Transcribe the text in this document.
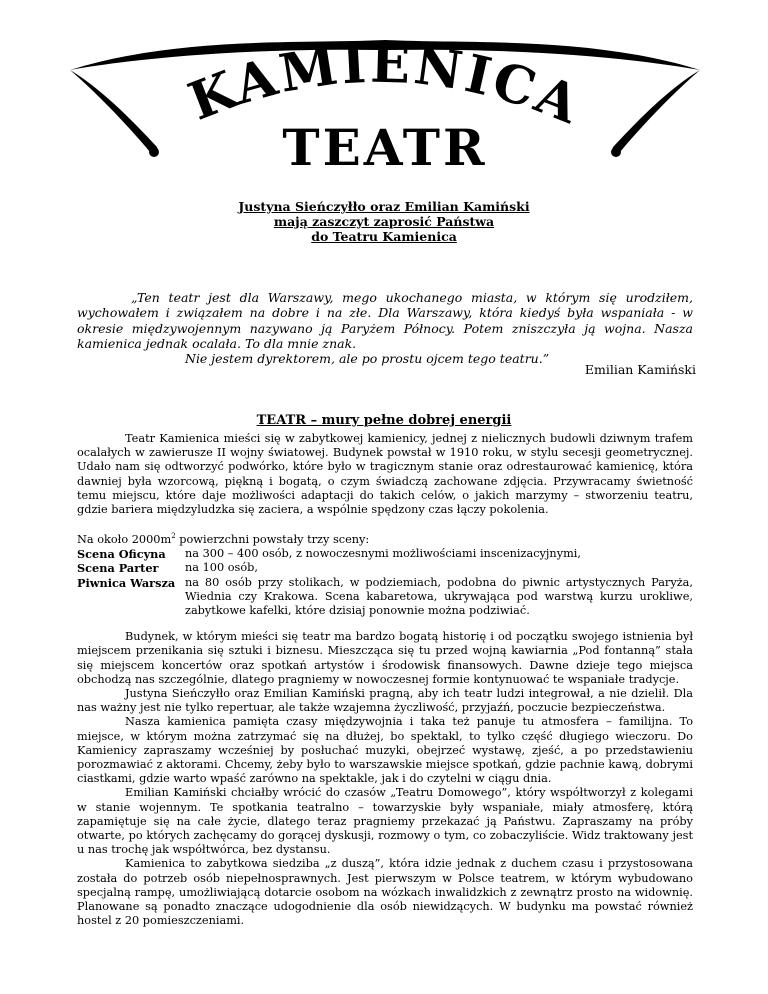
KAMIENICA
TEATR
Justyna Sieńczyłło oraz Emilian Kamiński
mają zaszczyt zaprosić Państwa
do Teatru Kamienica

„Ten teatr jest dla Warszawy, mego ukochanego miasta, w którym się urodziłem, wychowałem i związałem na dobre i na złe. Dla Warszawy, która kiedyś była wspaniała - w okresie międzywojennym nazywano ją Paryżem Północy. Potem zniszczyła ją wojna. Nasza kamienica jednak ocalała. To dla mnie znak.

Nie jestem dyrektorem, ale po prostu ojcem tego teatru.”

Emilian Kamiński
TEATR – mury pełne dobrej energii

Teatr Kamienica mieści się w zabytkowej kamienicy, jednej z nielicznych budowli dziwnym trafem ocalałych w zawierusze II wojny światowej. Budynek powstał w 1910 roku, w stylu secesji geometrycznej. Udało nam się odtworzyć podwórko, które było w tragicznym stanie oraz odrestaurować kamienicę, która dawniej była wzorcową, piękną i bogatą, o czym świadczą zachowane zdjęcia. Przywracamy świetność temu miejscu, które daje możliwości adaptacji do takich celów, o jakich marzymy – stworzeniu teatru, gdzie bariera międzyludzka się zaciera, a wspólnie spędzony czas łączy pokolenia.

Na około $2000m^2$ powierzchni powstały trzy sceny:

Scena Oficyna	na 300 – 400 osób, z nowoczesnymi możliwościami inscenizacyjnymi,
Scena Parter	na 100 osób,
Piwnica Warsza	na 80 osób przy stolikach, w podziemiach, podobna do piwnic artystycznych Paryża, Wiednia czy Krakowa. Scena kabaretowa, ukrywająca pod warstwą kurzu urokliwe, zabytkowe kafelki, które dzisiaj ponownie można podziwiać.

Budynek, w którym mieści się teatr ma bardzo bogatą historię i od początku swojego istnienia był miejscem przenikania się sztuki i biznesu. Mieszcząca się tu przed wojną kawiarnia „Pod fontanną” stała się miejscem koncertów oraz spotkań artystów i środowisk finansowych. Dawne dzieje tego miejsca obchodzą nas szczególnie, dlatego pragniemy w nowoczesnej formie kontynuować te wspaniałe tradycje.

Justyna Sieńczyłło oraz Emilian Kamiński pragną, aby ich teatr ludzi integrował, a nie dzielił. Dla nas ważny jest nie tylko repertuar, ale także wzajemna życzliwość, przyjaźń, poczucie bezpieczeństwa.

Nasza kamienica pamięta czasy międzywojnia i taka też panuje tu atmosfera – familijna. To miejsce, w którym można zatrzymać się na dłużej, bo spektakl, to tylko część długiego wieczoru. Do Kamienicy zapraszamy wcześniej by posłuchać muzyki, obejrzeć wystawę, zjeść, a po przedstawieniu porozmawiać z aktorami. Chcemy, żeby było to warszawskie miejsce spotkań, gdzie pachnie kawą, dobrymi ciastkami, gdzie warto wpaść zarówno na spektakle, jak i do czytelni w ciągu dnia.

Emilian Kamiński chciałby wrócić do czasów „Teatru Domowego”, który współtworzył z kolegami w stanie wojennym. Te spotkania teatralno – towarzyskie były wspaniałe, miały atmosferę, którą zapamiętuje się na całe życie, dlatego teraz pragniemy przekazać ją Państwu. Zapraszamy na próby otwarte, po których zachęcamy do gorącej dyskusji, rozmowy o tym, co zobaczyliście. Widz traktowany jest u nas trochę jak współtwórca, bez dystansu.

Kamienica to zabytkowa siedziba „z duszą”, która idzie jednak z duchem czasu i przystosowana została do potrzeb osób niepełnosprawnych. Jest pierwszym w Polsce teatrem, w którym wybudowano specjalną rampę, umożliwiającą dotarcie osobom na wózkach inwalidzkich z zewnątrz prosto na widownię. Planowane są ponadto znaczące udogodnienie dla osób niewidzących. W budynku ma powstać również hostel z 20 pomieszczeniami.
